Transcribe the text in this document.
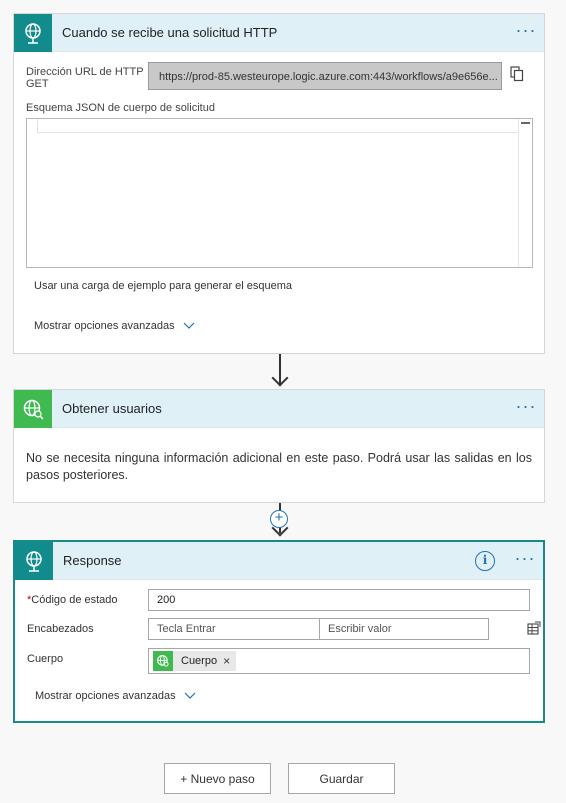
Cuando se recibe una solicitud HTTP	···
Dirección URL de HTTP GET
https://prod-85.westeurope.logic.azure.com:443/workflows/a9e656e...
Esquema JSON de cuerpo de solicitud
Usar una carga de ejemplo para generar el esquema
Mostrar opciones avanzadas
Obtener usuarios	···
No se necesita ninguna información adicional en este paso. Podrá usar las salidas en los pasos posteriores.
+
Response	i	···
*Código de estado	200
Encabezados	Tecla Entrar	Escribir valor
Cuerpo	Cuerpo ×
Mostrar opciones avanzadas
+ Nuevo paso	Guardar
